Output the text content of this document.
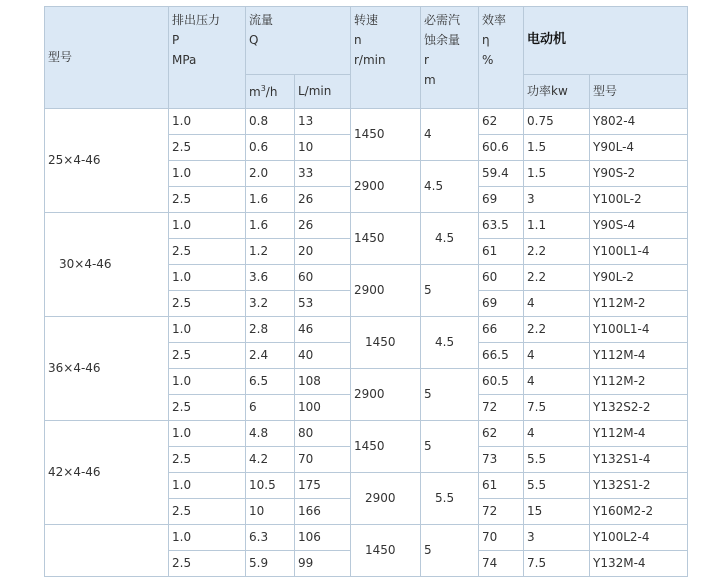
型号	排出压力
P
MPa	流量
Q		转速
n
r/min	必需汽
蚀余量
r
m	效率
η
%	电动机	
		$m^3/h$	L/min				功率kw	型号
25×4-46	1.0	0.8	13	1450	4	62	0.75	Y802-4
	2.5	0.6	10			60.6	1.5	Y90L-4
	1.0	2.0	33	2900	4.5	59.4	1.5	Y90S-2
	2.5	1.6	26			69	3	Y100L-2
30×4-46	1.0	1.6	26	1450	4.5	63.5	1.1	Y90S-4
	2.5	1.2	20			61	2.2	Y100L1-4
	1.0	3.6	60	2900	5	60	2.2	Y90L-2
	2.5	3.2	53			69	4	Y112M-2
36×4-46	1.0	2.8	46	1450	4.5	66	2.2	Y100L1-4
	2.5	2.4	40			66.5	4	Y112M-4
	1.0	6.5	108	2900	5	60.5	4	Y112M-2
	2.5	6	100			72	7.5	Y132S2-2
42×4-46	1.0	4.8	80	1450	5	62	4	Y112M-4
	2.5	4.2	70			73	5.5	Y132S1-4
	1.0	10.5	175	2900	5.5	61	5.5	Y132S1-2
	2.5	10	166			72	15	Y160M2-2
	1.0	6.3	106	1450	5	70	3	Y100L2-4
	2.5	5.9	99			74	7.5	Y132M-4
